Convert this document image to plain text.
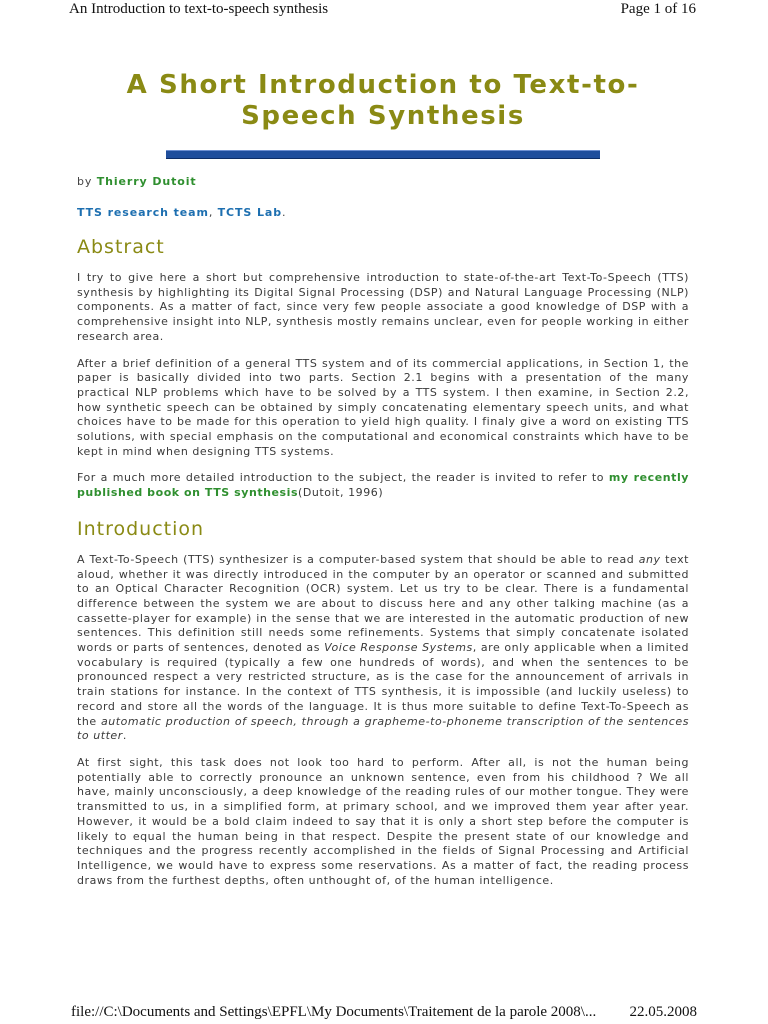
An Introduction to text-to-speech synthesis	Page 1 of 16
A Short Introduction to Text-to-Speech Synthesis
by Thierry Dutoit
TTS research team, TCTS Lab.
Abstract

I try to give here a short but comprehensive introduction to state-of-the-art Text-To-Speech (TTS) synthesis by highlighting its Digital Signal Processing (DSP) and Natural Language Processing (NLP) components. As a matter of fact, since very few people associate a good knowledge of DSP with a comprehensive insight into NLP, synthesis mostly remains unclear, even for people working in either research area.

After a brief definition of a general TTS system and of its commercial applications, in Section 1, the paper is basically divided into two parts. Section 2.1 begins with a presentation of the many practical NLP problems which have to be solved by a TTS system. I then examine, in Section 2.2, how synthetic speech can be obtained by simply concatenating elementary speech units, and what choices have to be made for this operation to yield high quality. I finaly give a word on existing TTS solutions, with special emphasis on the computational and economical constraints which have to be kept in mind when designing TTS systems.

For a much more detailed introduction to the subject, the reader is invited to refer to my recently published book on TTS synthesis(Dutoit, 1996)

Introduction

A Text-To-Speech (TTS) synthesizer is a computer-based system that should be able to read any text aloud, whether it was directly introduced in the computer by an operator or scanned and submitted to an Optical Character Recognition (OCR) system. Let us try to be clear. There is a fundamental difference between the system we are about to discuss here and any other talking machine (as a cassette-player for example) in the sense that we are interested in the automatic production of new sentences. This definition still needs some refinements. Systems that simply concatenate isolated words or parts of sentences, denoted as Voice Response Systems, are only applicable when a limited vocabulary is required (typically a few one hundreds of words), and when the sentences to be pronounced respect a very restricted structure, as is the case for the announcement of arrivals in train stations for instance. In the context of TTS synthesis, it is impossible (and luckily useless) to record and store all the words of the language. It is thus more suitable to define Text-To-Speech as the automatic production of speech, through a grapheme-to-phoneme transcription of the sentences to utter.

At first sight, this task does not look too hard to perform. After all, is not the human being potentially able to correctly pronounce an unknown sentence, even from his childhood ? We all have, mainly unconsciously, a deep knowledge of the reading rules of our mother tongue. They were transmitted to us, in a simplified form, at primary school, and we improved them year after year. However, it would be a bold claim indeed to say that it is only a short step before the computer is likely to equal the human being in that respect. Despite the present state of our knowledge and techniques and the progress recently accomplished in the fields of Signal Processing and Artificial Intelligence, we would have to express some reservations. As a matter of fact, the reading process draws from the furthest depths, often unthought of, of the human intelligence.

file://C:\Documents and Settings\EPFL\My Documents\Traitement de la parole 2008\... 22.05.2008
